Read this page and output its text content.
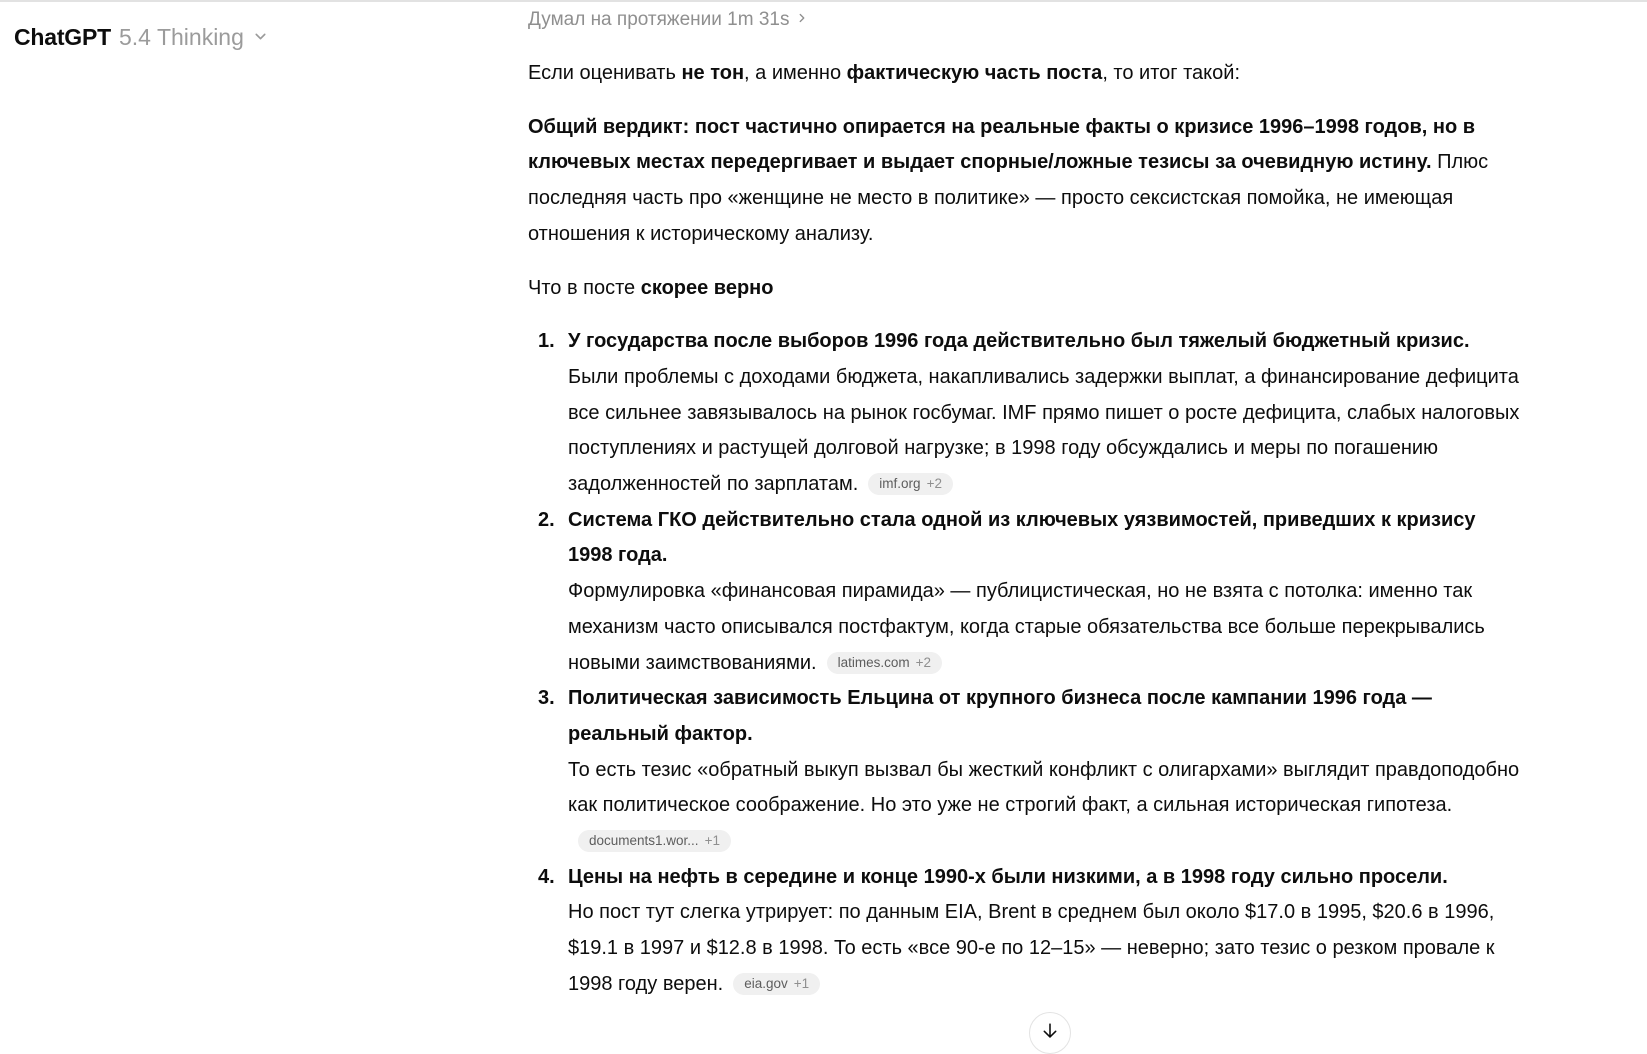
ChatGPT 5.4 Thinking
Думал на протяжении 1m 31s

Если оценивать не тон, а именно фактическую часть поста, то итог такой:

Общий вердикт: пост частично опирается на реальные факты о кризисе 1996–1998 годов, но в ключевых местах передергивает и выдает спорные/ложные тезисы за очевидную истину. Плюс последняя часть про «женщине не место в политике» — просто сексистская помойка, не имеющая отношения к историческому анализу.

Что в посте скорее верно

1. У государства после выборов 1996 года действительно был тяжелый бюджетный кризис.
Были проблемы с доходами бюджета, накапливались задержки выплат, а финансирование дефицита все сильнее завязывалось на рынок госбумаг. IMF прямо пишет о росте дефицита, слабых налоговых поступлениях и растущей долговой нагрузке; в 1998 году обсуждались и меры по погашению задолженностей по зарплатам. imf.org +2
2. Система ГКО действительно стала одной из ключевых уязвимостей, приведших к кризису 1998 года.
Формулировка «финансовая пирамида» — публицистическая, но не взята с потолка: именно так механизм часто описывался постфактум, когда старые обязательства все больше перекрывались новыми заимствованиями. latimes.com +2
3. Политическая зависимость Ельцина от крупного бизнеса после кампании 1996 года — реальный фактор.
То есть тезис «обратный выкуп вызвал бы жесткий конфликт с олигархами» выглядит правдоподобно как политическое соображение. Но это уже не строгий факт, а сильная историческая гипотеза.
documents1.wor... +1
4. Цены на нефть в середине и конце 1990-х были низкими, а в 1998 году сильно просели.
Но пост тут слегка утрирует: по данным EIA, Brent в среднем был около $17.0 в 1995, $20.6 в 1996, $19.1 в 1997 и $12.8 в 1998. То есть «все 90-е по 12–15» — неверно; зато тезис о резком провале к 1998 году верен. eia.gov +1
